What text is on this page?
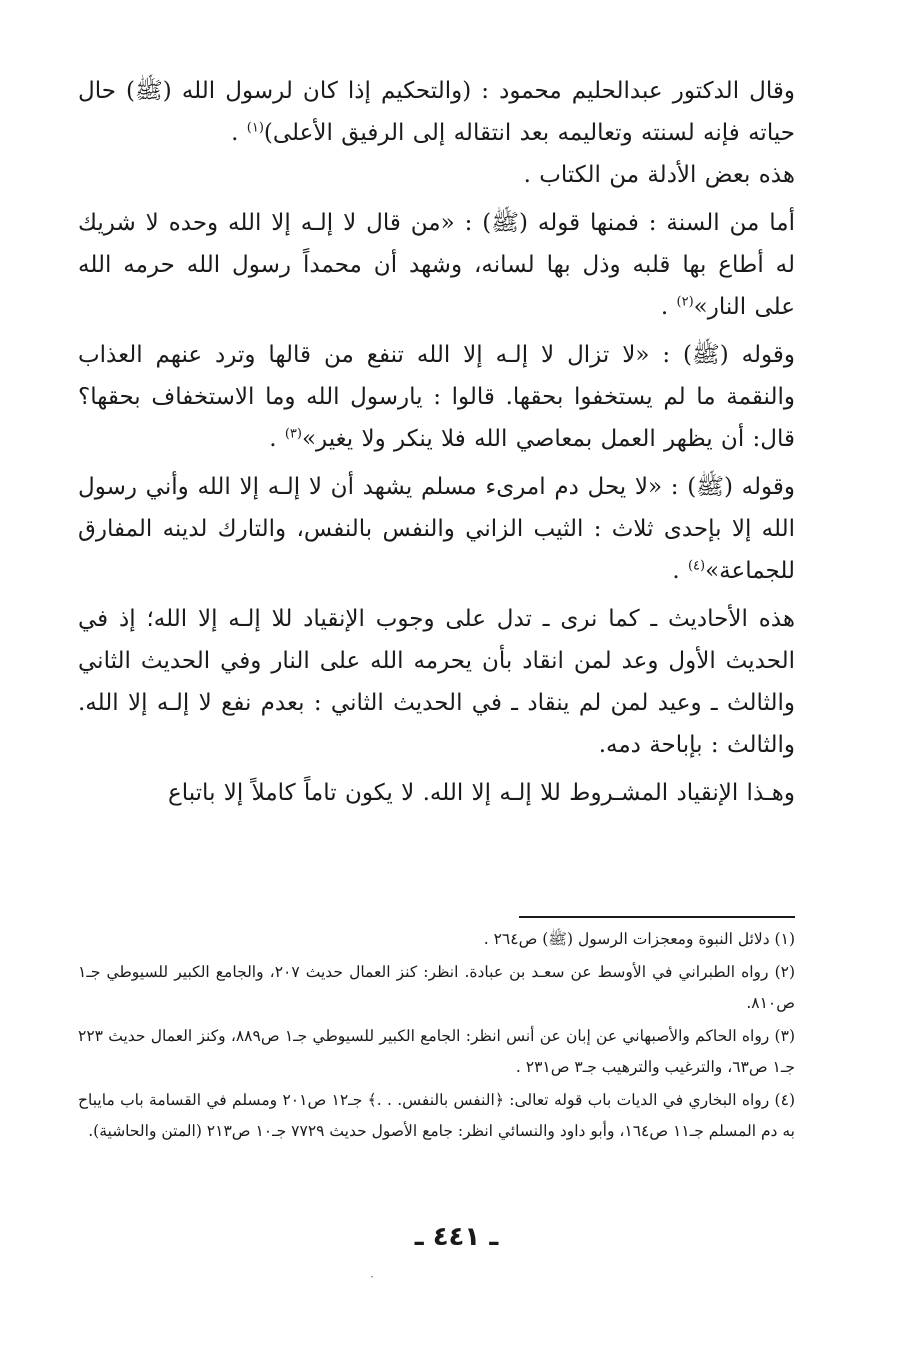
وقال الدكتور عبدالحليم محمود : (والتحكيم إذا كان لرسول الله (ﷺ) حال حياته فإنه لسنته وتعاليمه بعد انتقاله إلى الرفيق الأعلى)$^{(١)}$ .

هذه بعض الأدلة من الكتاب .

أما من السنة : فمنها قوله (ﷺ) : «من قال لا إلـه إلا الله وحده لا شريك له أطاع بها قلبه وذل بها لسانه، وشهد أن محمداً رسول الله حرمه الله على النار»$^{(٢)}$ .

وقوله (ﷺ) : «لا تزال لا إلـه إلا الله تنفع من قالها وترد عنهم العذاب والنقمة ما لم يستخفوا بحقها. قالوا : يارسول الله وما الاستخفاف بحقها؟ قال: أن يظهر العمل بمعاصي الله فلا ينكر ولا يغير»$^{(٣)}$ .

وقوله (ﷺ) : «لا يحل دم امرىء مسلم يشهد أن لا إلـه إلا الله وأني رسول الله إلا بإحدى ثلاث : الثيب الزاني والنفس بالنفس، والتارك لدينه المفارق للجماعة»$^{(٤)}$ .

هذه الأحاديث ـ كما نرى ـ تدل على وجوب الإنقياد للا إلـه إلا الله؛ إذ في الحديث الأول وعد لمن انقاد بأن يحرمه الله على النار وفي الحديث الثاني والثالث ـ وعيد لمن لم ينقاد ـ في الحديث الثاني : بعدم نفع لا إلـه إلا الله. والثالث : بإباحة دمه.

وهـذا الإنقياد المشـروط للا إلـه إلا الله. لا يكون تاماً كاملاً إلا باتباع

(١) دلائل النبوة ومعجزات الرسول (ﷺ) ص٢٦٤ .

(٢) رواه الطبراني في الأوسط عن سعـد بن عبادة. انظر: كنز العمال حديث ٢٠٧، والجامع الكبير للسيوطي جـ١ ص٨١٠.

(٣) رواه الحاكم والأصبهاني عن إبان عن أنس انظر: الجامع الكبير للسيوطي جـ١ ص٨٨٩، وكنز العمال حديث ٢٢٣ جـ١ ص٦٣، والترغيب والترهيب جـ٣ ص٢٣١ .

(٤) رواه البخاري في الديات باب قوله تعالى: ﴿النفس بالنفس. . .﴾ جـ١٢ ص٢٠١ ومسلم في القسامة باب مايباح به دم المسلم جـ١١ ص١٦٤، وأبو داود والنسائي انظر: جامع الأصول حديث ٧٧٢٩ جـ١٠ ص٢١٣ (المتن والحاشية).

ـ ٤٤١ ـ
·
